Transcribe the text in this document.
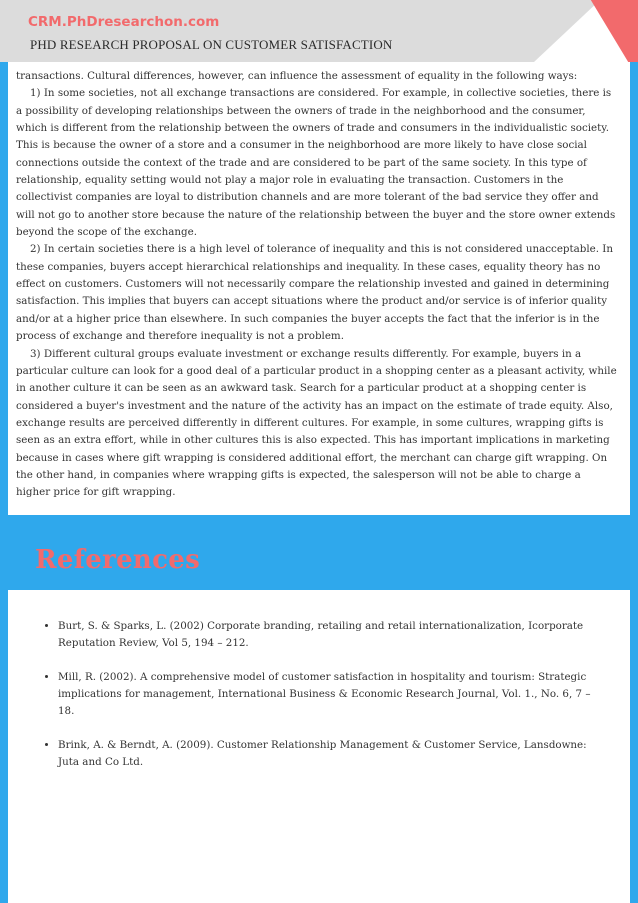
CRM.PhDresearchon.com
PHD RESEARCH PROPOSAL ON CUSTOMER SATISFACTION

transactions. Cultural differences, however, can influence the assessment of equality in the following ways:

1) In some societies, not all exchange transactions are considered. For example, in collective societies, there is a possibility of developing relationships between the owners of trade in the neighborhood and the consumer, which is different from the relationship between the owners of trade and consumers in the individualistic society. This is because the owner of a store and a consumer in the neighborhood are more likely to have close social connections outside the context of the trade and are considered to be part of the same society. In this type of relationship, equality setting would not play a major role in evaluating the transaction. Customers in the collectivist companies are loyal to distribution channels and are more tolerant of the bad service they offer and will not go to another store because the nature of the relationship between the buyer and the store owner extends beyond the scope of the exchange.

2) In certain societies there is a high level of tolerance of inequality and this is not considered unacceptable. In these companies, buyers accept hierarchical relationships and inequality. In these cases, equality theory has no effect on customers. Customers will not necessarily compare the relationship invested and gained in determining satisfaction. This implies that buyers can accept situations where the product and/or service is of inferior quality and/or at a higher price than elsewhere. In such companies the buyer accepts the fact that the inferior is in the process of exchange and therefore inequality is not a problem.

3) Different cultural groups evaluate investment or exchange results differently. For example, buyers in a particular culture can look for a good deal of a particular product in a shopping center as a pleasant activity, while in another culture it can be seen as an awkward task. Search for a particular product at a shopping center is considered a buyer's investment and the nature of the activity has an impact on the estimate of trade equity. Also, exchange results are perceived differently in different cultures. For example, in some cultures, wrapping gifts is seen as an extra effort, while in other cultures this is also expected. This has important implications in marketing because in cases where gift wrapping is considered additional effort, the merchant can charge gift wrapping. On the other hand, in companies where wrapping gifts is expected, the salesperson will not be able to charge a higher price for gift wrapping.

References
• Burt, S. & Sparks, L. (2002) Corporate branding, retailing and retail internationalization, Icorporate Reputation Review, Vol 5, 194 – 212.
• Mill, R. (2002). A comprehensive model of customer satisfaction in hospitality and tourism: Strategic implications for management, International Business & Economic Research Journal, Vol. 1., No. 6, 7 – 18.
• Brink, A. & Berndt, A. (2009). Customer Relationship Management & Customer Service, Lansdowne: Juta and Co Ltd.
